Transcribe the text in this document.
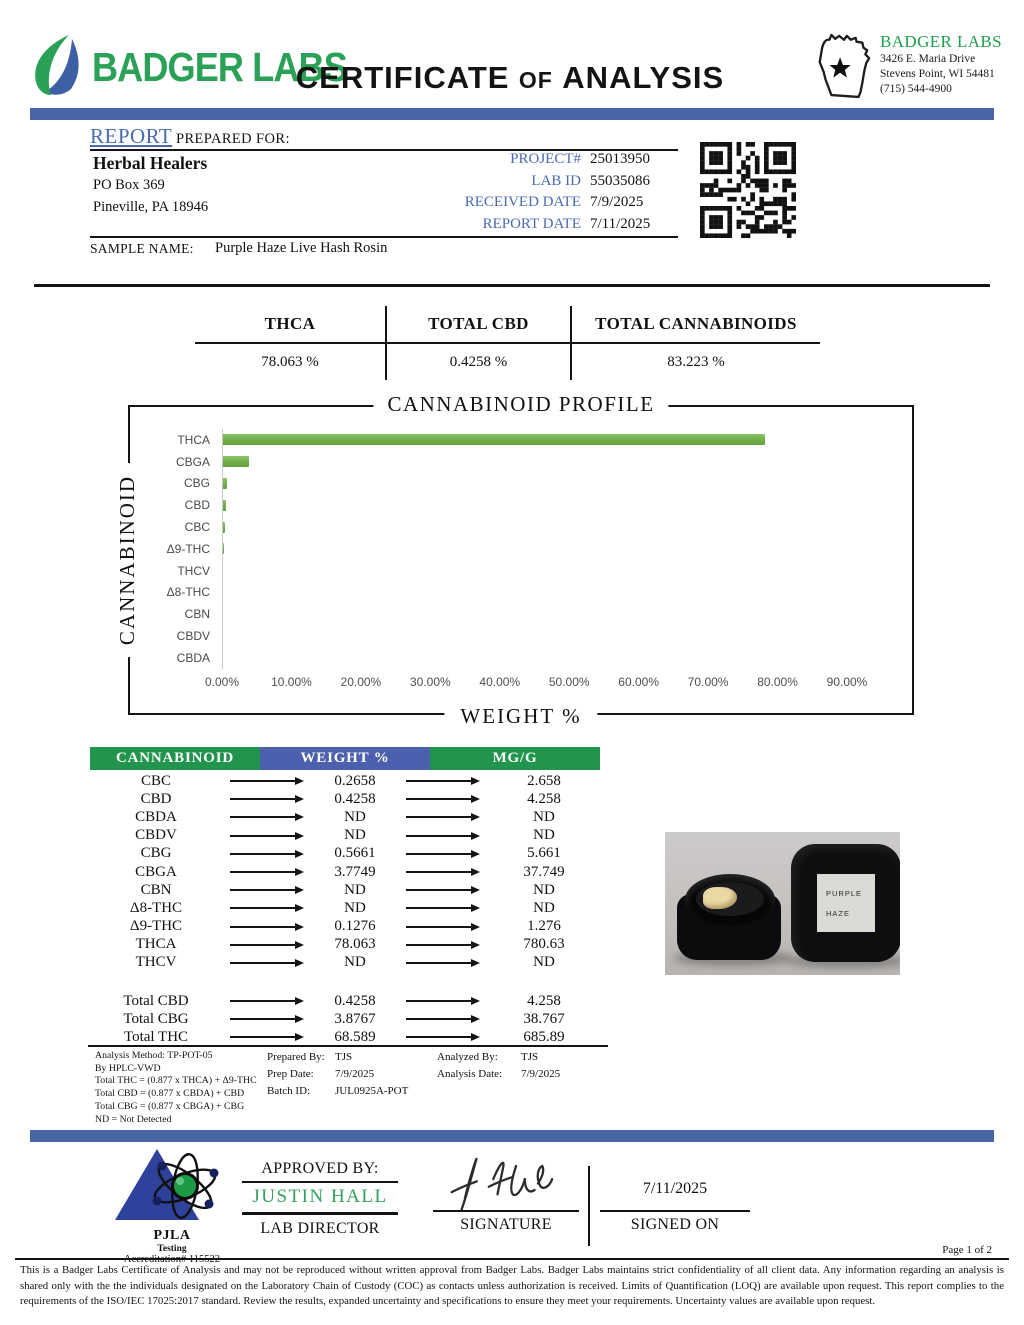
BADGER LABS
CERTIFICATE OF ANALYSIS
BADGER LABS
3426 E. Maria Drive
Stevens Point, WI 54481
(715) 544-4900
REPORT PREPARED FOR:
Herbal Healers
PO Box 369
Pineville, PA 18946
PROJECT# 25013950
LAB ID 55035086
RECEIVED DATE 7/9/2025
REPORT DATE 7/11/2025
SAMPLE NAME: Purple Haze Live Hash Rosin
THCA	TOTAL CBD	TOTAL CANNABINOIDS
78.063 %	0.4258 %	83.223 %
CANNABINOID PROFILE
CANNABINOID
THCA
CBGA
CBG
CBD
CBC
Δ9-THC
THCV
Δ8-THC
CBN
CBDV
CBDA
0.00%	10.00% 20.00% 30.00% 40.00% 50.00% 60.00% 70.00% 80.00% 90.00%
WEIGHT %
CANNABINOID	WEIGHT %	MG/G
CBC	0.2658	2.658
CBD	0.4258	4.258
CBDA	ND	ND
CBDV	ND	ND
CBG	0.5661	5.661
CBGA	3.7749	37.749
CBN	ND	ND
Δ8-THC	ND	ND
Δ9-THC	0.1276	1.276
THCA	78.063	780.63
THCV	ND	ND
Total CBD	0.4258	4.258
Total CBG	3.8767	38.767
Total THC	68.589	685.89
Analysis Method: TP-POT-05
By HPLC-VWD
Total THC = (0.877 x THCA) + Δ9-THC
Total CBD = (0.877 x CBDA) + CBD
Total CBG = (0.877 x CBGA) + CBG
ND = Not Detected
Prepared By: TJS
Prep Date:	7/9/2025
Batch ID:	JUL0925A-POT
Analyzed By:	TJS
Analysis Date:	7/9/2025
PURPLE
HAZE
PJLA
Testing
APPROVED BY:
JUSTIN HALL
LAB DIRECTOR	SIGNATURE
7/11/2025
SIGNED ON
Page 1 of 2
This is a Badger Labs Certificate of Analysis and may not be reproduced without written approval from Badger Labs. Badger Labs maintains strict confidentiality of all client data. Any information regarding an analysis is shared only with the the individuals designated on the Laboratory Chain of Custody (COC) as contacts unless authorization is received. Limits of Quantification (LOQ) are available upon request. This report complies to the requirements of the ISO/IEC 17025:2017 standard. Review the results, expanded uncertainty and specifications to ensure they meet your requirements. Uncertainty values are available upon request.
